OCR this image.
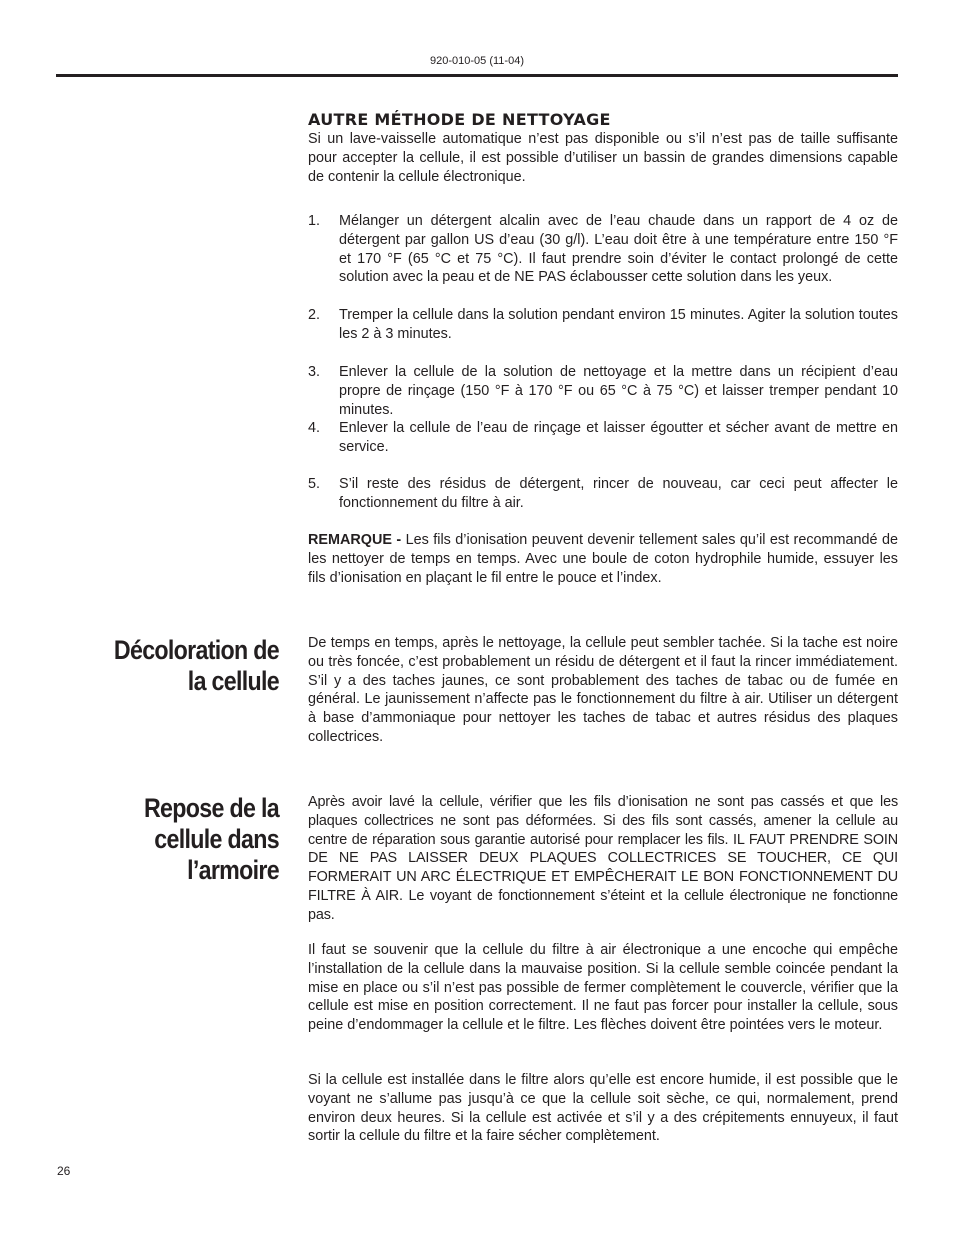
920-010-05 (11-04)
AUTRE MÉTHODE DE NETTOYAGE

Si un lave-vaisselle automatique n’est pas disponible ou s’il n’est pas de taille suffisante pour accepter la cellule, il est possible d’utiliser un bassin de grandes dimensions capable de contenir la cellule électronique.

1. Mélanger un détergent alcalin avec de l’eau chaude dans un rapport de 4 oz de détergent par gallon US d’eau (30 g/l). L’eau doit être à une température entre 150 °F et 170 °F (65 °C et 75 °C). Il faut prendre soin d’éviter le contact prolongé de cette solution avec la peau et de NE PAS éclabousser cette solution dans les yeux.
2. Tremper la cellule dans la solution pendant environ 15 minutes. Agiter la solution toutes les 2 à 3 minutes.
3. Enlever la cellule de la solution de nettoyage et la mettre dans un récipient d’eau propre de rinçage (150 °F à 170 °F ou 65 °C à 75 °C) et laisser tremper pendant 10 minutes.
4. Enlever la cellule de l’eau de rinçage et laisser égoutter et sécher avant de mettre en service.
5. S’il reste des résidus de détergent, rincer de nouveau, car ceci peut affecter le fonctionnement du filtre à air.

REMARQUE - Les fils d’ionisation peuvent devenir tellement sales qu’il est recommandé de les nettoyer de temps en temps. Avec une boule de coton hydrophile humide, essuyer les fils d’ionisation en plaçant le fil entre le pouce et l’index.

Décoloration de
la cellule

De temps en temps, après le nettoyage, la cellule peut sembler tachée. Si la tache est noire ou très foncée, c’est probablement un résidu de détergent et il faut la rincer immédiatement. S’il y a des taches jaunes, ce sont probablement des taches de tabac ou de fumée en général. Le jaunissement n’affecte pas le fonctionnement du filtre à air. Utiliser un détergent à base d’ammoniaque pour nettoyer les taches de tabac et autres résidus des plaques collectrices.

Repose de la
cellule dans
l’armoire

Après avoir lavé la cellule, vérifier que les fils d’ionisation ne sont pas cassés et que les plaques collectrices ne sont pas déformées. Si des fils sont cassés, amener la cellule au centre de réparation sous garantie autorisé pour remplacer les fils. IL FAUT PRENDRE SOIN DE NE PAS LAISSER DEUX PLAQUES COLLECTRICES SE TOUCHER, CE QUI FORMERAIT UN ARC ÉLECTRIQUE ET EMPÊCHERAIT LE BON FONCTIONNEMENT DU FILTRE À AIR. Le voyant de fonctionnement s’éteint et la cellule électronique ne fonctionne pas.

Il faut se souvenir que la cellule du filtre à air électronique a une encoche qui empêche l’installation de la cellule dans la mauvaise position. Si la cellule semble coincée pendant la mise en place ou s’il n’est pas possible de fermer complètement le couvercle, vérifier que la cellule est mise en position correctement. Il ne faut pas forcer pour installer la cellule, sous peine d’endommager la cellule et le filtre. Les flèches doivent être pointées vers le moteur.

Si la cellule est installée dans le filtre alors qu’elle est encore humide, il est possible que le voyant ne s’allume pas jusqu’à ce que la cellule soit sèche, ce qui, normalement, prend environ deux heures. Si la cellule est activée et s’il y a des crépitements ennuyeux, il faut sortir la cellule du filtre et la faire sécher complètement.

26
